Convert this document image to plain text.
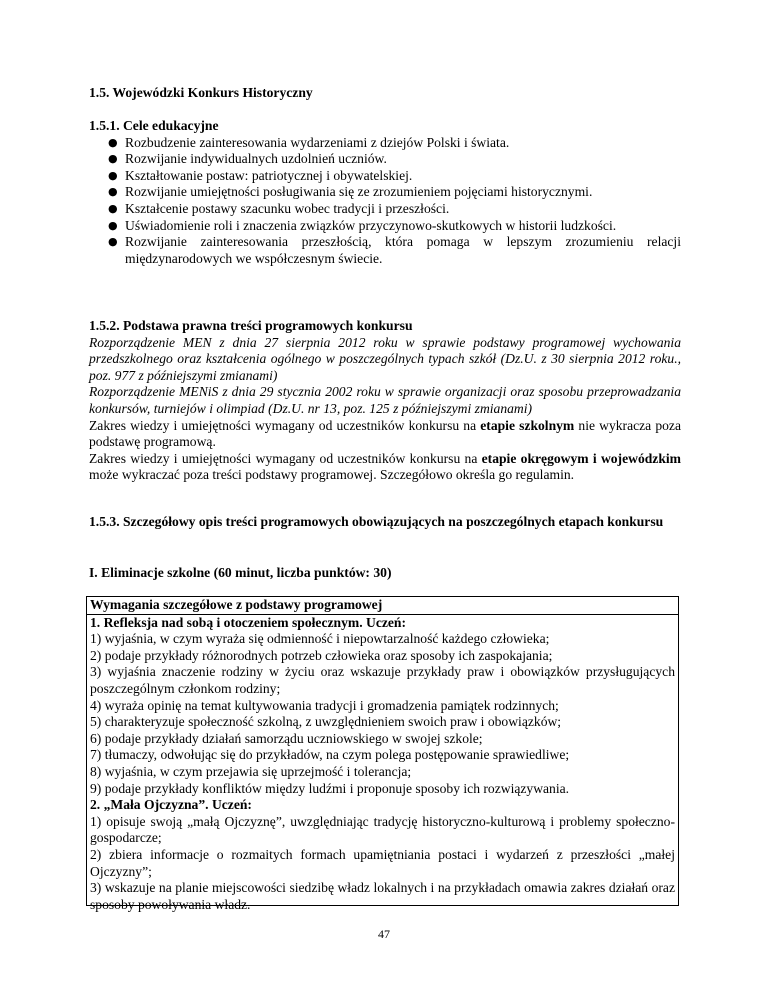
1.5. Wojewódzki Konkurs Historyczny
1.5.1. Cele edukacyjne
● Rozbudzenie zainteresowania wydarzeniami z dziejów Polski i świata.
● Rozwijanie indywidualnych uzdolnień uczniów.
● Kształtowanie postaw: patriotycznej i obywatelskiej.
● Rozwijanie umiejętności posługiwania się ze zrozumieniem pojęciami historycznymi.
● Kształcenie postawy szacunku wobec tradycji i przeszłości.
● Uświadomienie roli i znaczenia związków przyczynowo-skutkowych w historii ludzkości.
● Rozwijanie zainteresowania przeszłością, która pomaga w lepszym zrozumieniu relacji międzynarodowych we współczesnym świecie.
1.5.2. Podstawa prawna treści programowych konkursu

Rozporządzenie MEN z dnia 27 sierpnia 2012 roku w sprawie podstawy programowej wychowania przedszkolnego oraz kształcenia ogólnego w poszczególnych typach szkół (Dz.U. z 30 sierpnia 2012 roku., poz. 977 z późniejszymi zmianami)

Rozporządzenie MENiS z dnia 29 stycznia 2002 roku w sprawie organizacji oraz sposobu przeprowadzania konkursów, turniejów i olimpiad (Dz.U. nr 13, poz. 125 z późniejszymi zmianami)

Zakres wiedzy i umiejętności wymagany od uczestników konkursu na etapie szkolnym nie wykracza poza podstawę programową.

Zakres wiedzy i umiejętności wymagany od uczestników konkursu na etapie okręgowym i wojewódzkim może wykraczać poza treści podstawy programowej. Szczegółowo określa go regulamin.

1.5.3. Szczegółowy opis treści programowych obowiązujących na poszczególnych etapach konkursu
I. Eliminacje szkolne (60 minut, liczba punktów: 30)
Wymagania szczegółowe z podstawy programowej
1. Refleksja nad sobą i otoczeniem społecznym. Uczeń:
1) wyjaśnia, w czym wyraża się odmienność i niepowtarzalność każdego człowieka;
2) podaje przykłady różnorodnych potrzeb człowieka oraz sposoby ich zaspokajania;
3) wyjaśnia znaczenie rodziny w życiu oraz wskazuje przykłady praw i obowiązków przysługujących poszczególnym członkom rodziny;
4) wyraża opinię na temat kultywowania tradycji i gromadzenia pamiątek rodzinnych;
5) charakteryzuje społeczność szkolną, z uwzględnieniem swoich praw i obowiązków;
6) podaje przykłady działań samorządu uczniowskiego w swojej szkole;
7) tłumaczy, odwołując się do przykładów, na czym polega postępowanie sprawiedliwe;
8) wyjaśnia, w czym przejawia się uprzejmość i tolerancja;
9) podaje przykłady konfliktów między ludźmi i proponuje sposoby ich rozwiązywania.
2. „Mała Ojczyzna”. Uczeń:
1) opisuje swoją „małą Ojczyznę”, uwzględniając tradycję historyczno-kulturową i problemy społeczno-gospodarcze;
2) zbiera informacje o rozmaitych formach upamiętniania postaci i wydarzeń z przeszłości „małej Ojczyzny”;
3) wskazuje na planie miejscowości siedzibę władz lokalnych i na przykładach omawia zakres działań oraz sposoby powoływania władz.
47
